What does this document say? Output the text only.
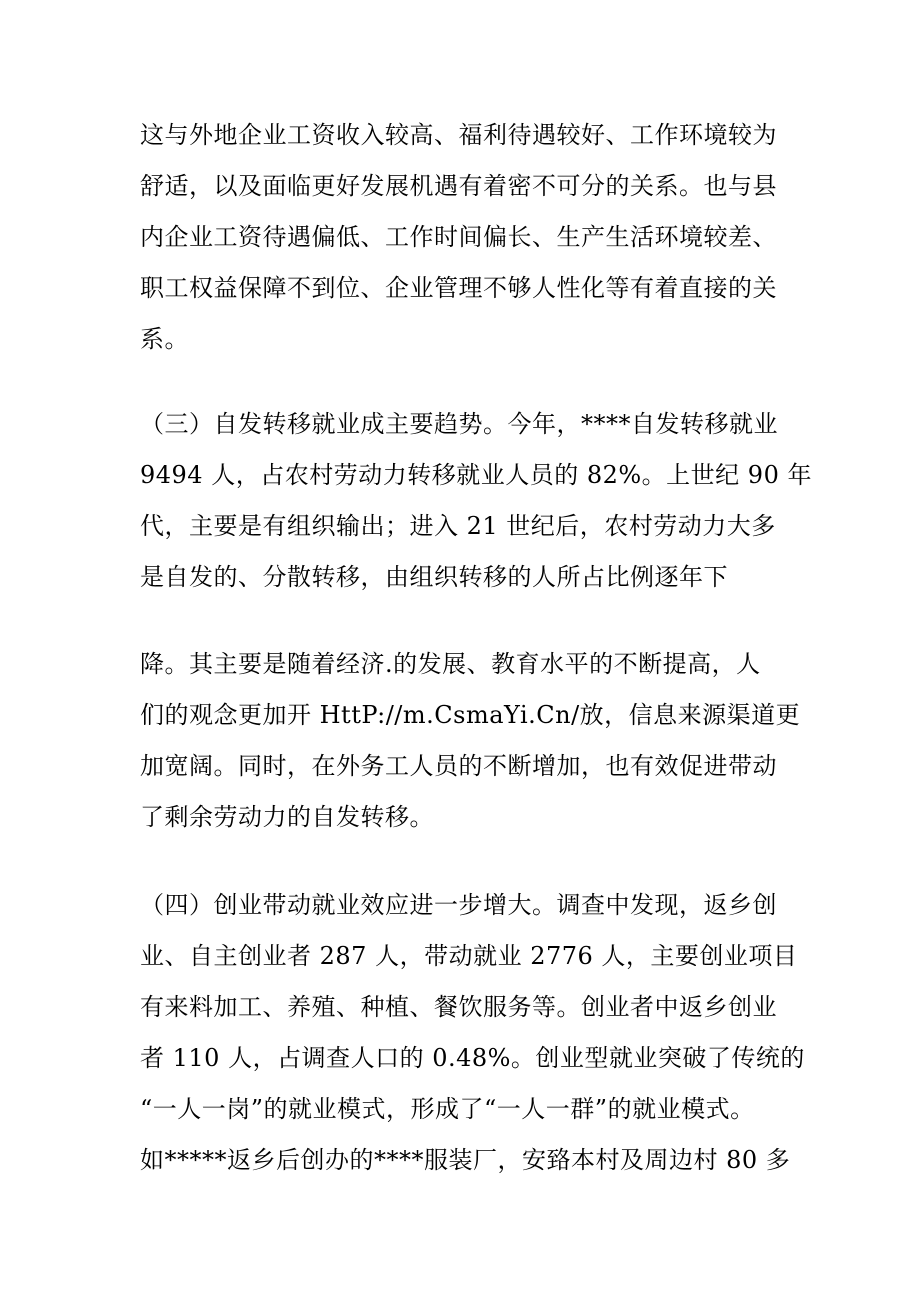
这与外地企业工资收入较高、福利待遇较好、工作环境较为
舒适，以及面临更好发展机遇有着密不可分的关系。也与县
内企业工资待遇偏低、工作时间偏长、生产生活环境较差、
职工权益保障不到位、企业管理不够人性化等有着直接的关
系。
（三）自发转移就业成主要趋势。今年，****自发转移就业
9494 人，占农村劳动力转移就业人员的 82%。上世纪 90 年
代，主要是有组织输出；进入 21 世纪后，农村劳动力大多
是自发的、分散转移，由组织转移的人所占比例逐年下
降。其主要是随着经济.的发展、教育水平的不断提高，人
们的观念更加开 HttP://m.CsmaYi.Cn/放，信息来源渠道更
加宽阔。同时，在外务工人员的不断增加，也有效促进带动
了剩余劳动力的自发转移。
（四）创业带动就业效应进一步增大。调查中发现，返乡创
业、自主创业者 287 人，带动就业 2776 人，主要创业项目
有来料加工、养殖、种植、餐饮服务等。创业者中返乡创业
者 110 人，占调查人口的 0.48%。创业型就业突破了传统的
“一人一岗”的就业模式，形成了“一人一群”的就业模式。
如*****返乡后创办的****服装厂，安臵本村及周边村 80 多
